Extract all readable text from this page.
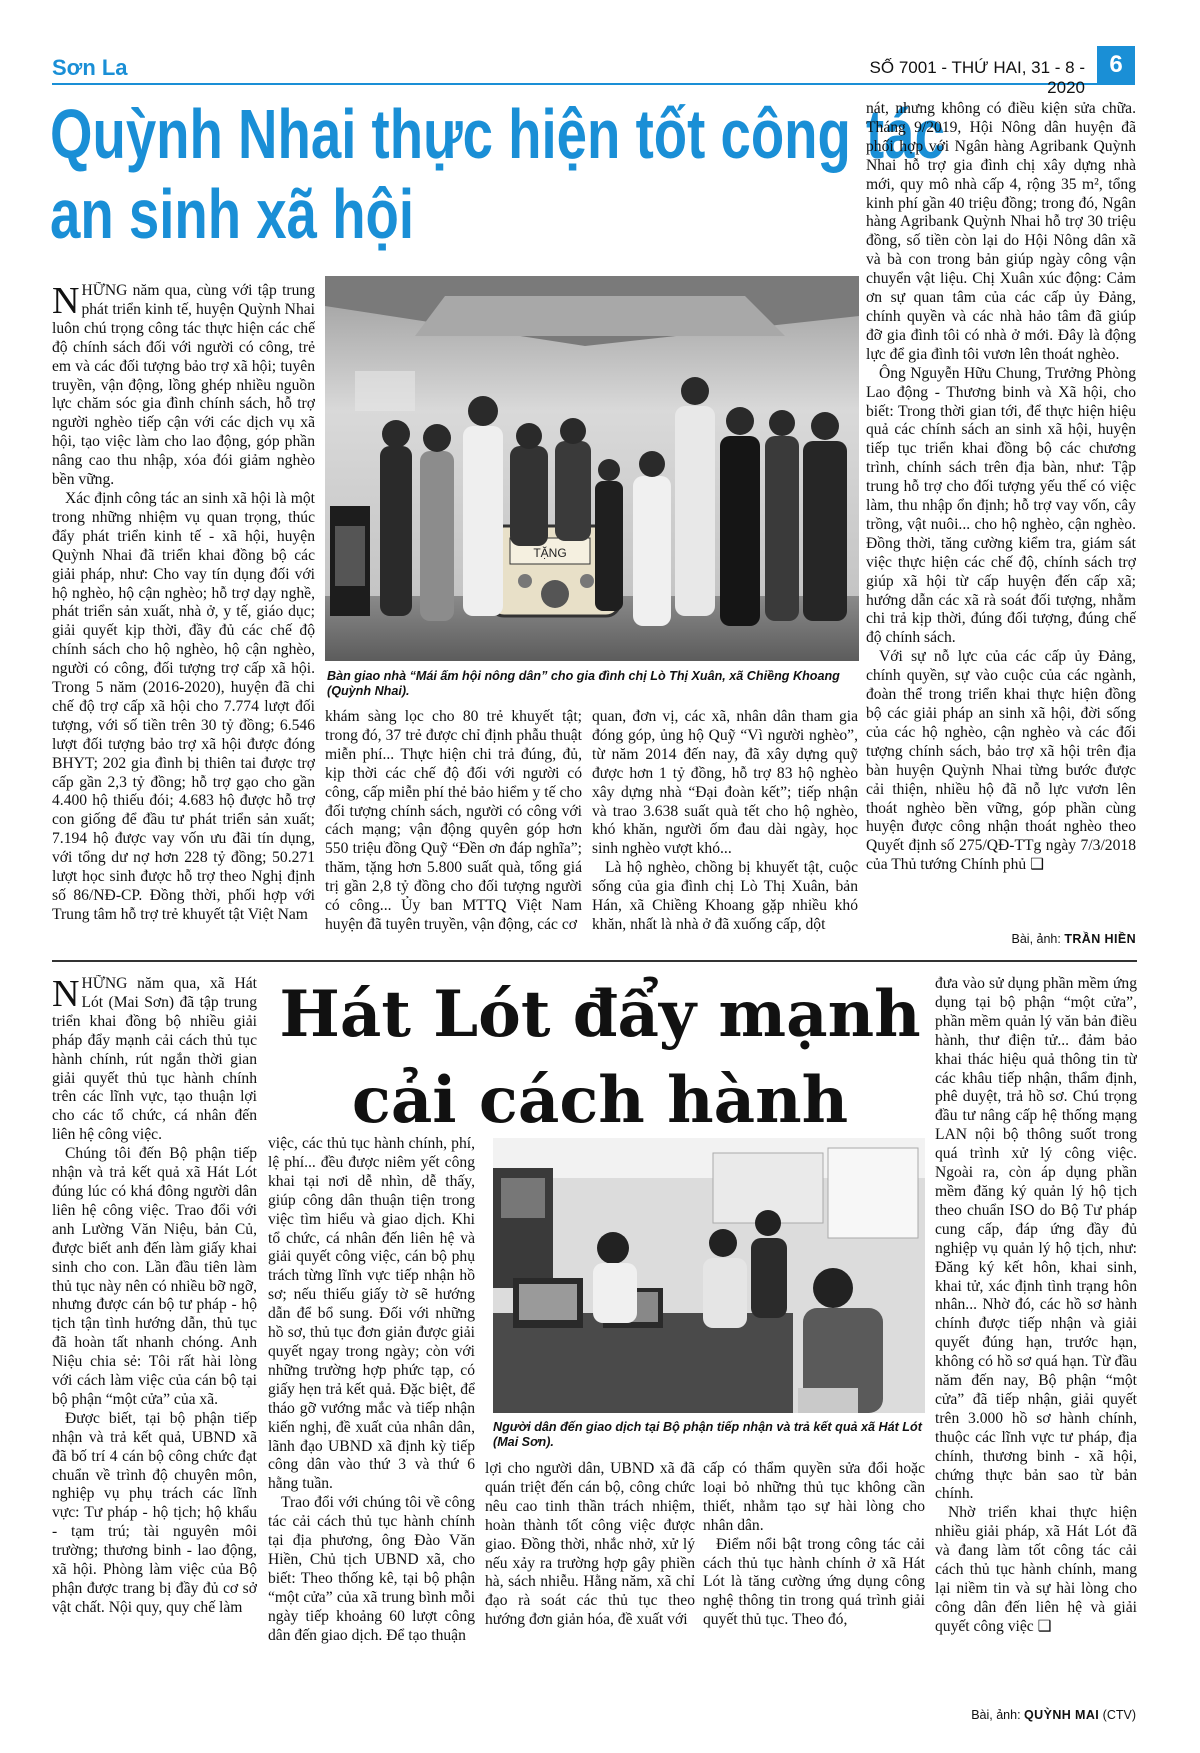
Sơn La	SỐ 7001 - THỨ HAI, 31 - 8 - 2020
6
Quỳnh Nhai thực hiện tốt công tác
an sinh xã hội

NHỮNG năm qua, cùng với tập trung phát triển kinh tế, huyện Quỳnh Nhai luôn chú trọng công tác thực hiện các chế độ chính sách đối với người có công, trẻ em và các đối tượng bảo trợ xã hội; tuyên truyền, vận động, lồng ghép nhiều nguồn lực chăm sóc gia đình chính sách, hỗ trợ người nghèo tiếp cận với các dịch vụ xã hội, tạo việc làm cho lao động, góp phần nâng cao thu nhập, xóa đói giảm nghèo bền vững.

Xác định công tác an sinh xã hội là một trong những nhiệm vụ quan trọng, thúc đẩy phát triển kinh tế - xã hội, huyện Quỳnh Nhai đã triển khai đồng bộ các giải pháp, như: Cho vay tín dụng đối với hộ nghèo, hộ cận nghèo; hỗ trợ dạy nghề, phát triển sản xuất, nhà ở, y tế, giáo dục; giải quyết kịp thời, đầy đủ các chế độ chính sách cho hộ nghèo, hộ cận nghèo, người có công, đối tượng trợ cấp xã hội. Trong 5 năm (2016-2020), huyện đã chi chế độ trợ cấp xã hội cho 7.774 lượt đối tượng, với số tiền trên 30 tỷ đồng; 6.546 lượt đối tượng bảo trợ xã hội được đóng BHYT; 202 gia đình bị thiên tai được trợ cấp gần 2,3 tỷ đồng; hỗ trợ gạo cho gần 4.400 hộ thiếu đói; 4.683 hộ được hỗ trợ con giống để đầu tư phát triển sản xuất; 7.194 hộ được vay vốn ưu đãi tín dụng, với tổng dư nợ hơn 228 tỷ đồng; 50.271 lượt học sinh được hỗ trợ theo Nghị định số 86/NĐ-CP. Đồng thời, phối hợp với Trung tâm hỗ trợ trẻ khuyết tật Việt Nam

TẶNG
Bàn giao nhà “Mái ấm hội nông dân” cho gia đình chị Lò Thị Xuân, xã Chiềng Khoang (Quỳnh Nhai).

khám sàng lọc cho 80 trẻ khuyết tật; trong đó, 37 trẻ được chỉ định phẫu thuật miễn phí... Thực hiện chi trả đúng, đủ, kịp thời các chế độ đối với người có công, cấp miễn phí thẻ bảo hiểm y tế cho đối tượng chính sách, người có công với cách mạng; vận động quyên góp hơn 550 triệu đồng Quỹ “Đền ơn đáp nghĩa”; thăm, tặng hơn 5.800 suất quà, tổng giá trị gần 2,8 tỷ đồng cho đối tượng người có công... Ủy ban MTTQ Việt Nam huyện đã tuyên truyền, vận động, các cơ

quan, đơn vị, các xã, nhân dân tham gia đóng góp, ủng hộ Quỹ “Vì người nghèo”, từ năm 2014 đến nay, đã xây dựng quỹ được hơn 1 tỷ đồng, hỗ trợ 83 hộ nghèo xây dựng nhà “Đại đoàn kết”; tiếp nhận và trao 3.638 suất quà tết cho hộ nghèo, khó khăn, người ốm đau dài ngày, học sinh nghèo vượt khó...

Là hộ nghèo, chồng bị khuyết tật, cuộc sống của gia đình chị Lò Thị Xuân, bản Hán, xã Chiềng Khoang gặp nhiều khó khăn, nhất là nhà ở đã xuống cấp, dột

nát, nhưng không có điều kiện sửa chữa. Tháng 9/2019, Hội Nông dân huyện đã phối hợp với Ngân hàng Agribank Quỳnh Nhai hỗ trợ gia đình chị xây dựng nhà mới, quy mô nhà cấp 4, rộng 35 m², tổng kinh phí gần 40 triệu đồng; trong đó, Ngân hàng Agribank Quỳnh Nhai hỗ trợ 30 triệu đồng, số tiền còn lại do Hội Nông dân xã và bà con trong bản giúp ngày công vận chuyển vật liệu. Chị Xuân xúc động: Cảm ơn sự quan tâm của các cấp ủy Đảng, chính quyền và các nhà hảo tâm đã giúp đỡ gia đình tôi có nhà ở mới. Đây là động lực để gia đình tôi vươn lên thoát nghèo.

Ông Nguyễn Hữu Chung, Trưởng Phòng Lao động - Thương binh và Xã hội, cho biết: Trong thời gian tới, để thực hiện hiệu quả các chính sách an sinh xã hội, huyện tiếp tục triển khai đồng bộ các chương trình, chính sách trên địa bàn, như: Tập trung hỗ trợ cho đối tượng yếu thế có việc làm, thu nhập ổn định; hỗ trợ vay vốn, cây trồng, vật nuôi... cho hộ nghèo, cận nghèo. Đồng thời, tăng cường kiểm tra, giám sát việc thực hiện các chế độ, chính sách trợ giúp xã hội từ cấp huyện đến cấp xã; hướng dẫn các xã rà soát đối tượng, nhằm chi trả kịp thời, đúng đối tượng, đúng chế độ chính sách.

Với sự nỗ lực của các cấp ủy Đảng, chính quyền, sự vào cuộc của các ngành, đoàn thể trong triển khai thực hiện đồng bộ các giải pháp an sinh xã hội, đời sống của các hộ nghèo, cận nghèo và các đối tượng chính sách, bảo trợ xã hội trên địa bàn huyện Quỳnh Nhai từng bước được cải thiện, nhiều hộ đã nỗ lực vươn lên thoát nghèo bền vững, góp phần cùng huyện được công nhận thoát nghèo theo Quyết định số 275/QĐ-TTg ngày 7/3/2018 của Thủ tướng Chính phủ ❑

Bài, ảnh: TRẦN HIỀN
Hát Lót đẩy mạnh
cải cách hành

NHỮNG năm qua, xã Hát Lót (Mai Sơn) đã tập trung triển khai đồng bộ nhiều giải pháp đẩy mạnh cải cách thủ tục hành chính, rút ngắn thời gian giải quyết thủ tục hành chính trên các lĩnh vực, tạo thuận lợi cho các tổ chức, cá nhân đến liên hệ công việc.

Chúng tôi đến Bộ phận tiếp nhận và trả kết quả xã Hát Lót đúng lúc có khá đông người dân liên hệ công việc. Trao đổi với anh Lường Văn Niệu, bản Củ, được biết anh đến làm giấy khai sinh cho con. Lần đầu tiên làm thủ tục này nên có nhiều bỡ ngỡ, nhưng được cán bộ tư pháp - hộ tịch tận tình hướng dẫn, thủ tục đã hoàn tất nhanh chóng. Anh Niệu chia sẻ: Tôi rất hài lòng với cách làm việc của cán bộ tại bộ phận “một cửa” của xã.

Được biết, tại bộ phận tiếp nhận và trả kết quả, UBND xã đã bố trí 4 cán bộ công chức đạt chuẩn về trình độ chuyên môn, nghiệp vụ phụ trách các lĩnh vực: Tư pháp - hộ tịch; hộ khẩu - tạm trú; tài nguyên môi trường; thương binh - lao động, xã hội. Phòng làm việc của Bộ phận được trang bị đầy đủ cơ sở vật chất. Nội quy, quy chế làm

việc, các thủ tục hành chính, phí, lệ phí... đều được niêm yết công khai tại nơi dễ nhìn, dễ thấy, giúp công dân thuận tiện trong việc tìm hiểu và giao dịch. Khi tổ chức, cá nhân đến liên hệ và giải quyết công việc, cán bộ phụ trách từng lĩnh vực tiếp nhận hồ sơ; nếu thiếu giấy tờ sẽ hướng dẫn để bổ sung. Đối với những hồ sơ, thủ tục đơn giản được giải quyết ngay trong ngày; còn với những trường hợp phức tạp, có giấy hẹn trả kết quả. Đặc biệt, để tháo gỡ vướng mắc và tiếp nhận kiến nghị, đề xuất của nhân dân, lãnh đạo UBND xã định kỳ tiếp công dân vào thứ 3 và thứ 6 hằng tuần.

Trao đổi với chúng tôi về công tác cải cách thủ tục hành chính tại địa phương, ông Đào Văn Hiền, Chủ tịch UBND xã, cho biết: Theo thống kê, tại bộ phận “một cửa” của xã trung bình mỗi ngày tiếp khoảng 60 lượt công dân đến giao dịch. Để tạo thuận

Người dân đến giao dịch tại Bộ phận tiếp nhận và trả kết quả xã Hát Lót (Mai Sơn).

lợi cho người dân, UBND xã đã quán triệt đến cán bộ, công chức nêu cao tinh thần trách nhiệm, hoàn thành tốt công việc được giao. Đồng thời, nhắc nhở, xử lý nếu xảy ra trường hợp gây phiền hà, sách nhiễu. Hằng năm, xã chỉ đạo rà soát các thủ tục theo hướng đơn giản hóa, đề xuất với

cấp có thẩm quyền sửa đổi hoặc loại bỏ những thủ tục không cần thiết, nhằm tạo sự hài lòng cho nhân dân.

Điểm nổi bật trong công tác cải cách thủ tục hành chính ở xã Hát Lót là tăng cường ứng dụng công nghệ thông tin trong quá trình giải quyết thủ tục. Theo đó,

đưa vào sử dụng phần mềm ứng dụng tại bộ phận “một cửa”, phần mềm quản lý văn bản điều hành, thư điện tử... đảm bảo khai thác hiệu quả thông tin từ các khâu tiếp nhận, thẩm định, phê duyệt, trả hồ sơ. Chú trọng đầu tư nâng cấp hệ thống mạng LAN nội bộ thông suốt trong quá trình xử lý công việc. Ngoài ra, còn áp dụng phần mềm đăng ký quản lý hộ tịch theo chuẩn ISO do Bộ Tư pháp cung cấp, đáp ứng đầy đủ nghiệp vụ quản lý hộ tịch, như: Đăng ký kết hôn, khai sinh, khai tử, xác định tình trạng hôn nhân... Nhờ đó, các hồ sơ hành chính được tiếp nhận và giải quyết đúng hạn, trước hạn, không có hồ sơ quá hạn. Từ đầu năm đến nay, Bộ phận “một cửa” đã tiếp nhận, giải quyết trên 3.000 hồ sơ hành chính, thuộc các lĩnh vực tư pháp, địa chính, thương binh - xã hội, chứng thực bản sao từ bản chính.

Nhờ triển khai thực hiện nhiều giải pháp, xã Hát Lót đã và đang làm tốt công tác cải cách thủ tục hành chính, mang lại niềm tin và sự hài lòng cho công dân đến liên hệ và giải quyết công việc ❑

Bài, ảnh: QUỲNH MAI (CTV)
